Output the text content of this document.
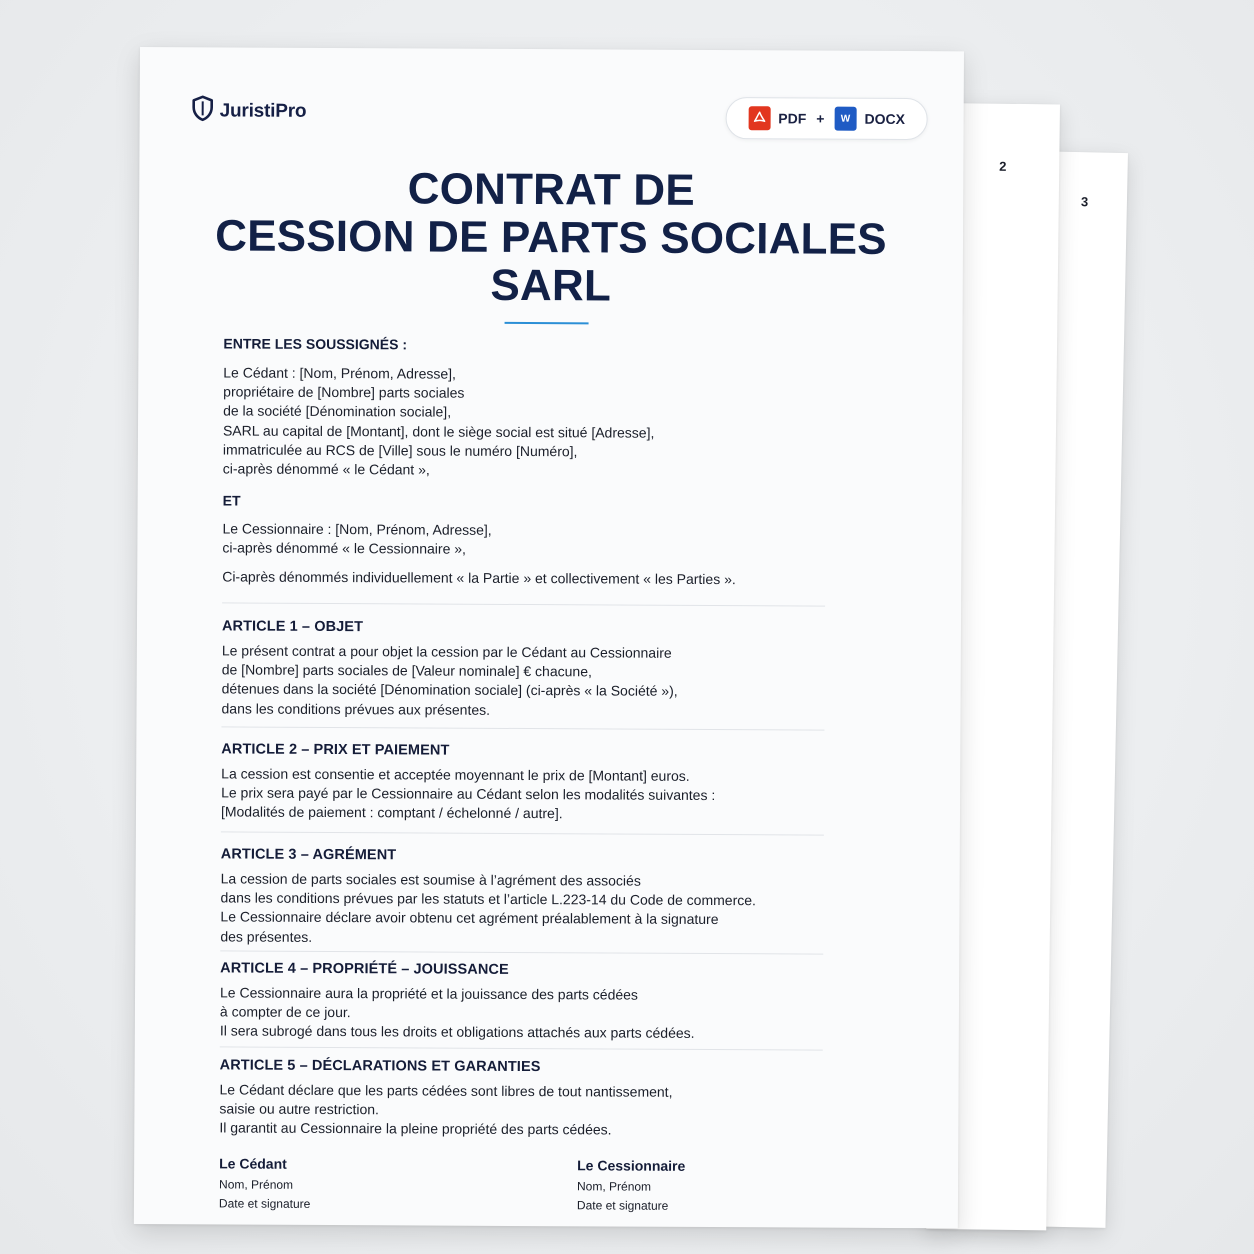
3
2
JuristiPro	PDF +	W	DOCX
CONTRAT DE
CESSION DE PARTS SOCIALES
SARL
ENTRE LES SOUSSIGNÉS :
Le Cédant : [Nom, Prénom, Adresse],
propriétaire de [Nombre] parts sociales
de la société [Dénomination sociale],
SARL au capital de [Montant], dont le siège social est situé [Adresse],
immatriculée au RCS de [Ville] sous le numéro [Numéro],
ci-après dénommé « le Cédant »,
ET
Le Cessionnaire : [Nom, Prénom, Adresse],
ci-après dénommé « le Cessionnaire »,
Ci-après dénommés individuellement « la Partie » et collectivement « les Parties ».
ARTICLE 1 – OBJET
Le présent contrat a pour objet la cession par le Cédant au Cessionnaire
de [Nombre] parts sociales de [Valeur nominale] € chacune,
détenues dans la société [Dénomination sociale] (ci-après « la Société »),
dans les conditions prévues aux présentes.
ARTICLE 2 – PRIX ET PAIEMENT
La cession est consentie et acceptée moyennant le prix de [Montant] euros.
Le prix sera payé par le Cessionnaire au Cédant selon les modalités suivantes :
[Modalités de paiement : comptant / échelonné / autre].
ARTICLE 3 – AGRÉMENT
La cession de parts sociales est soumise à l’agrément des associés
dans les conditions prévues par les statuts et l’article L.223-14 du Code de commerce.
Le Cessionnaire déclare avoir obtenu cet agrément préalablement à la signature
des présentes.
ARTICLE 4 – PROPRIÉTÉ – JOUISSANCE
Le Cessionnaire aura la propriété et la jouissance des parts cédées
à compter de ce jour.
Il sera subrogé dans tous les droits et obligations attachés aux parts cédées.
ARTICLE 5 – DÉCLARATIONS ET GARANTIES
Le Cédant déclare que les parts cédées sont libres de tout nantissement,
saisie ou autre restriction.
Il garantit au Cessionnaire la pleine propriété des parts cédées.
Le Cédant
Nom, Prénom
Date et signature
Le Cessionnaire
Nom, Prénom
Date et signature
